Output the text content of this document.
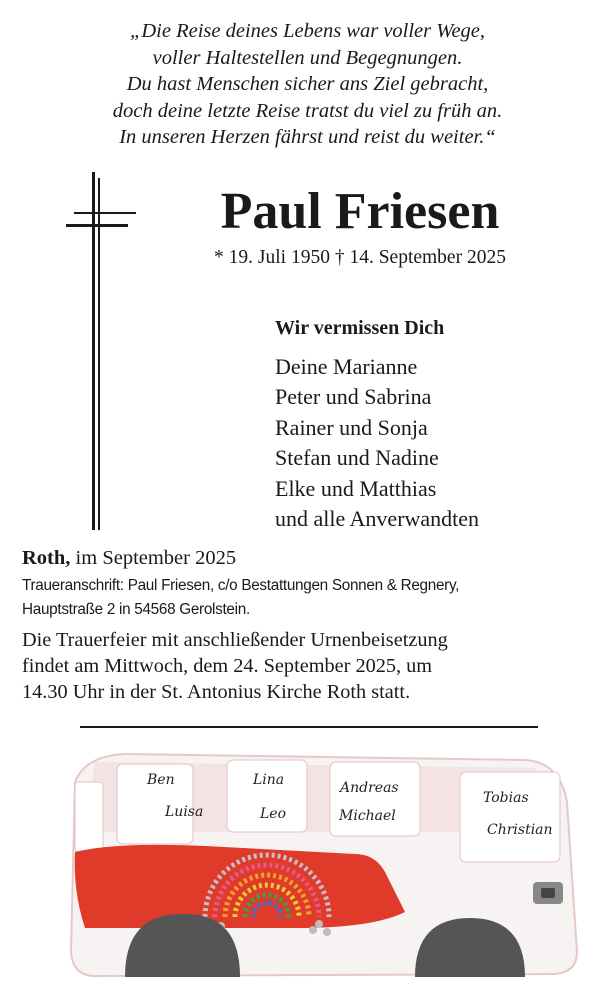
„Die Reise deines Lebens war voller Wege,
voller Haltestellen und Begegnungen.
Du hast Menschen sicher ans Ziel gebracht,
doch deine letzte Reise tratst du viel zu früh an.
In unseren Herzen fährst und reist du weiter.“
Paul Friesen
* 19. Juli 1950 † 14. September 2025
Wir vermissen Dich
Deine Marianne
Peter und Sabrina
Rainer und Sonja
Stefan und Nadine
Elke und Matthias
und alle Anverwandten
Roth, im September 2025
Traueranschrift: Paul Friesen, c/o Bestattungen Sonnen & Regnery,
Hauptstraße 2 in 54568 Gerolstein.
Die Trauerfeier mit anschließender Urnenbeisetzung
findet am Mittwoch, dem 24. September 2025, um
14.30 Uhr in der St. Antonius Kirche Roth statt.
Ben
Luisa
Lina
Leo
Andreas
Michael
Tobias
Christian
